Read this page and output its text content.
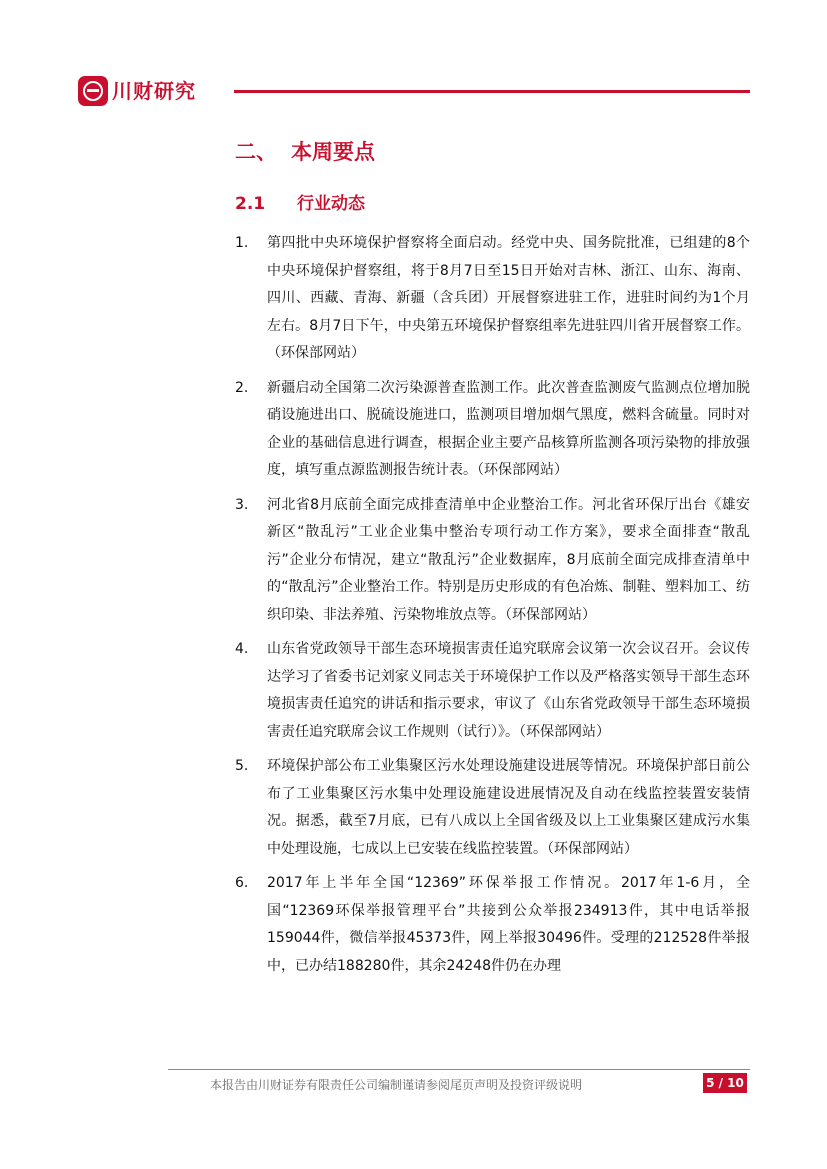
川财研究
二、 本周要点
2.1 行业动态
1. 第四批中央环境保护督察将全面启动。经党中央、国务院批准，已组建的8个中央环境保护督察组，将于8月7日至15日开始对吉林、浙江、山东、海南、四川、西藏、青海、新疆（含兵团）开展督察进驻工作，进驻时间约为1个月左右。8月7日下午，中央第五环境保护督察组率先进驻四川省开展督察工作。（环保部网站）
2. 新疆启动全国第二次污染源普查监测工作。此次普查监测废气监测点位增加脱硝设施进出口、脱硫设施进口，监测项目增加烟气黑度，燃料含硫量。同时对企业的基础信息进行调查，根据企业主要产品核算所监测各项污染物的排放强度，填写重点源监测报告统计表。（环保部网站）
3. 河北省8月底前全面完成排查清单中企业整治工作。河北省环保厅出台《雄安新区“散乱污”工业企业集中整治专项行动工作方案》，要求全面排查“散乱污”企业分布情况，建立“散乱污”企业数据库，8月底前全面完成排查清单中的“散乱污”企业整治工作。特别是历史形成的有色冶炼、制鞋、塑料加工、纺织印染、非法养殖、污染物堆放点等。（环保部网站）
4. 山东省党政领导干部生态环境损害责任追究联席会议第一次会议召开。会议传达学习了省委书记刘家义同志关于环境保护工作以及严格落实领导干部生态环境损害责任追究的讲话和指示要求，审议了《山东省党政领导干部生态环境损害责任追究联席会议工作规则（试行）》。（环保部网站）
5. 环境保护部公布工业集聚区污水处理设施建设进展等情况。环境保护部日前公布了工业集聚区污水集中处理设施建设进展情况及自动在线监控装置安装情况。据悉，截至7月底，已有八成以上全国省级及以上工业集聚区建成污水集中处理设施，七成以上已安装在线监控装置。（环保部网站）
6. 2017年上半年全国“12369”环保举报工作情况。2017年1-6月，全国“12369环保举报管理平台”共接到公众举报234913件，其中电话举报159044件，微信举报45373件，网上举报30496件。受理的212528件举报中，已办结188280件，其余24248件仍在办理
本报告由川财证券有限责任公司编制谨请参阅尾页声明及投资评级说明	5 / 10
